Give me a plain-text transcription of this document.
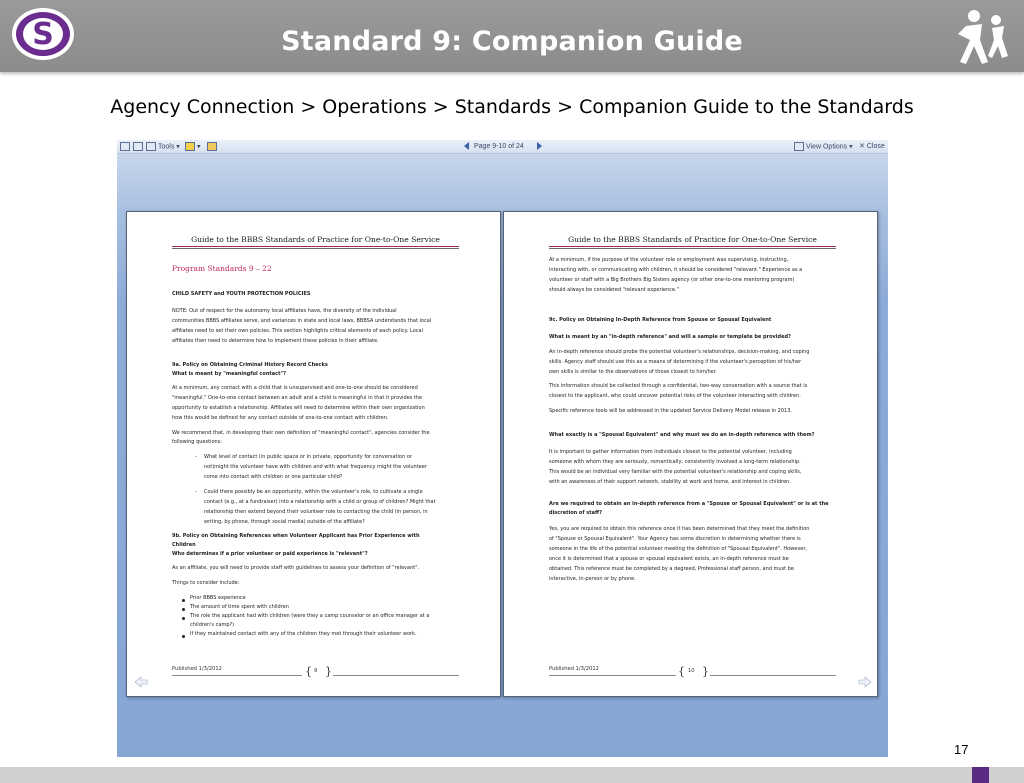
S	Standard 9: Companion Guide
Agency Connection > Operations > Standards > Companion Guide to the Standards
Tools ▾	▾	Page 9-10 of 24	View Options ▾ ✕ Close
Guide to the BBBS Standards of Practice for One-to-One Service
Program Standards 9 – 22
CHILD SAFETY and YOUTH PROTECTION POLICIES
NOTE: Out of respect for the autonomy local affiliates have, the diversity of the individual
communities BBBS affiliates serve, and variances in state and local laws, BBBSA understands that local
affiliates need to set their own policies. This section highlights critical elements of each policy. Local
affiliates then need to determine how to implement these policies in their affiliate.
9a. Policy on Obtaining Criminal History Record Checks
What is meant by "meaningful contact"?
At a minimum, any contact with a child that is unsupervised and one-to-one should be considered
"meaningful." One-to-one contact between an adult and a child is meaningful in that it provides the
opportunity to establish a relationship. Affiliates will need to determine within their own organization
how this would be defined for any contact outside of one-to-one contact with children.
We recommend that, in developing their own definition of "meaningful contact", agencies consider the
following questions:
- What level of contact (in public space or in private, opportunity for conversation or
not)might the volunteer have with children and with what frequency might the volunteer
come into contact with children or one particular child?
- Could there possibly be an opportunity, within the volunteer's role, to cultivate a single
contact (e.g., at a fundraiser) into a relationship with a child or group of children? Might that
relationship then extend beyond their volunteer role to contacting the child (in person, in
writing, by phone, through social media) outside of the affiliate?
9b. Policy on Obtaining References when Volunteer Applicant has Prior Experience with
Children
Who determines if a prior volunteer or paid experience is "relevant"?
As an affiliate, you will need to provide staff with guidelines to assess your definition of "relevant".
Things to consider include:
Prior BBBS experience
The amount of time spent with children
The role the applicant had with children (were they a camp counselor or an office manager at a
children's camp?)
If they maintained contact with any of the children they met through their volunteer work.
Published 1/3/2012	{ 9 }
Guide to the BBBS Standards of Practice for One-to-One Service
At a minimum, if the purpose of the volunteer role or employment was supervising, instructing,
interacting with, or communicating with children, it should be considered "relevant." Experience as a
volunteer or staff with a Big Brothers Big Sisters agency (or other one-to-one mentoring program)
should always be considered "relevant experience."
9c. Policy on Obtaining In-Depth Reference from Spouse or Spousal Equivalent
What is meant by an "in-depth reference" and will a sample or template be provided?
An in-depth reference should probe the potential volunteer's relationships, decision-making, and coping
skills. Agency staff should use this as a means of determining if the volunteer's perception of his/her
own skills is similar to the observations of those closest to him/her.
This information should be collected through a confidential, two-way conversation with a source that is
closest to the applicant, who could uncover potential risks of the volunteer interacting with children.
Specific reference tools will be addressed in the updated Service Delivery Model release in 2013.
What exactly is a "Spousal Equivalent" and why must we do an in-depth reference with them?
It is important to gather information from individuals closest to the potential volunteer, including
someone with whom they are seriously, romantically, consistently involved a long-term relationship.
This would be an individual very familiar with the potential volunteer's relationship and coping skills,
with an awareness of their support network, stability at work and home, and interest in children.
Are we required to obtain an in-depth reference from a "Spouse or Spousal Equivalent" or is at the
discretion of staff?
Yes, you are required to obtain this reference once it has been determined that they meet the definition
of "Spouse or Spousal Equivalent". Your Agency has some discretion in determining whether there is
someone in the life of the potential volunteer meeting the definition of "Spousal Equivalent". However,
once it is determined that a spouse or spousal equivalent exists, an in-depth reference must be
obtained. This reference must be completed by a degreed, Professional staff person, and must be
interactive, in-person or by phone.
Published 1/3/2012	{ 10 }
17
